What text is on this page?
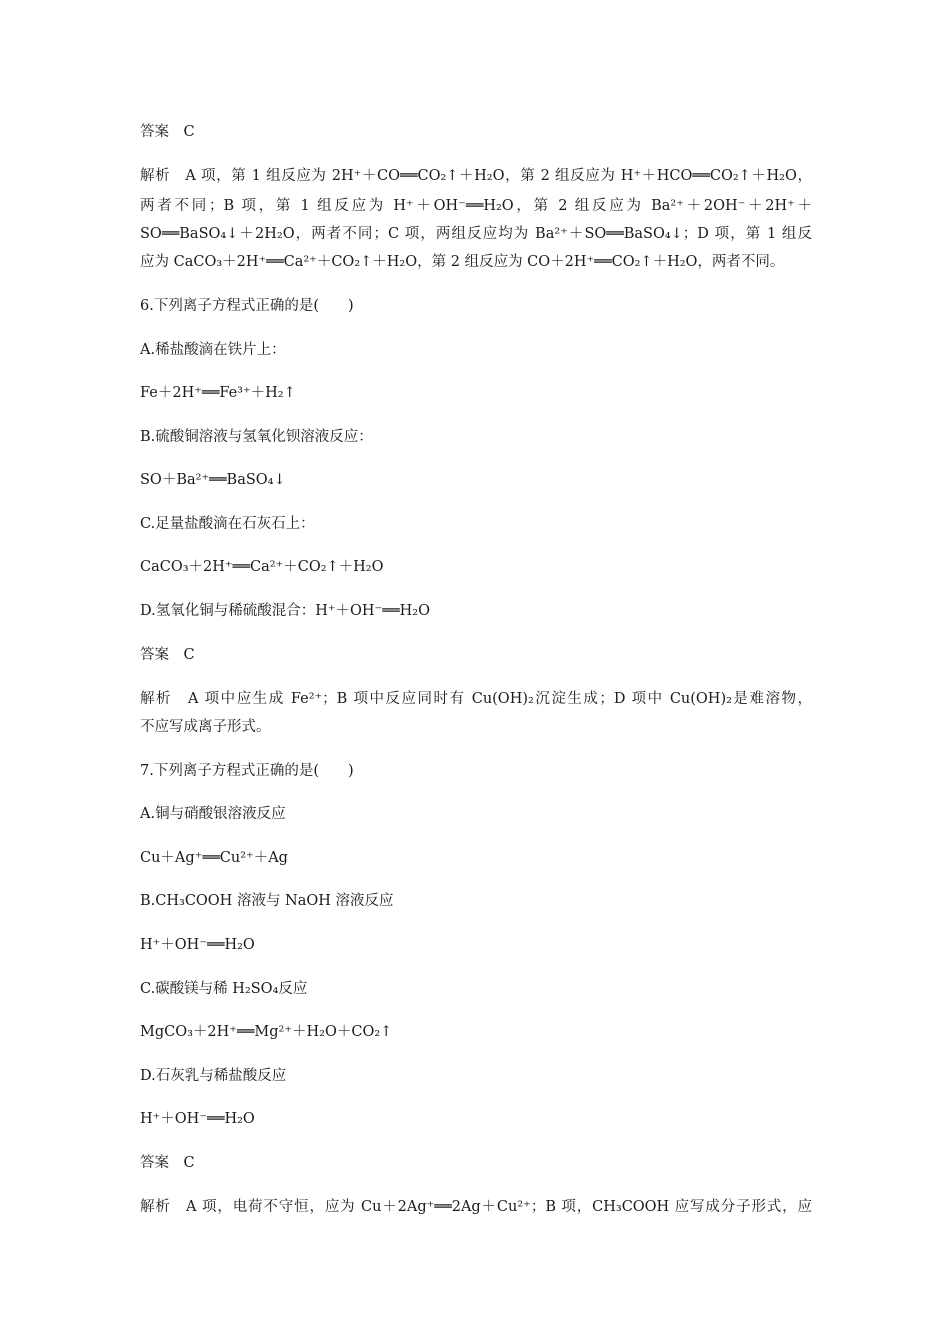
答案　C
解析　A 项，第 1 组反应为 2H⁺＋CO══CO₂↑＋H₂O，第 2 组反应为 H⁺＋HCO══CO₂↑＋H₂O，
两者不同；B 项，第 1 组反应为 H⁺＋OH⁻══H₂O，第 2 组反应为 Ba²⁺＋2OH⁻＋2H⁺＋
SO══BaSO₄↓＋2H₂O，两者不同；C 项，两组反应均为 Ba²⁺＋SO══BaSO₄↓；D 项，第 1 组反
应为 CaCO₃＋2H⁺══Ca²⁺＋CO₂↑＋H₂O，第 2 组反应为 CO＋2H⁺══CO₂↑＋H₂O，两者不同。
6.下列离子方程式正确的是(　　)
A.稀盐酸滴在铁片上：
Fe＋2H⁺══Fe³⁺＋H₂↑
B.硫酸铜溶液与氢氧化钡溶液反应：
SO＋Ba²⁺══BaSO₄↓
C.足量盐酸滴在石灰石上：
CaCO₃＋2H⁺══Ca²⁺＋CO₂↑＋H₂O
D.氢氧化铜与稀硫酸混合：H⁺＋OH⁻══H₂O
答案　C
解析　A 项中应生成 Fe²⁺；B 项中反应同时有 Cu(OH)₂沉淀生成；D 项中 Cu(OH)₂是难溶物，
不应写成离子形式。
7.下列离子方程式正确的是(　　)
A.铜与硝酸银溶液反应
Cu＋Ag⁺══Cu²⁺＋Ag
B.CH₃COOH 溶液与 NaOH 溶液反应
H⁺＋OH⁻══H₂O
C.碳酸镁与稀 H₂SO₄反应
MgCO₃＋2H⁺══Mg²⁺＋H₂O＋CO₂↑
D.石灰乳与稀盐酸反应
H⁺＋OH⁻══H₂O
答案　C
解析　A 项，电荷不守恒，应为 Cu＋2Ag⁺══2Ag＋Cu²⁺；B 项，CH₃COOH 应写成分子形式，应
